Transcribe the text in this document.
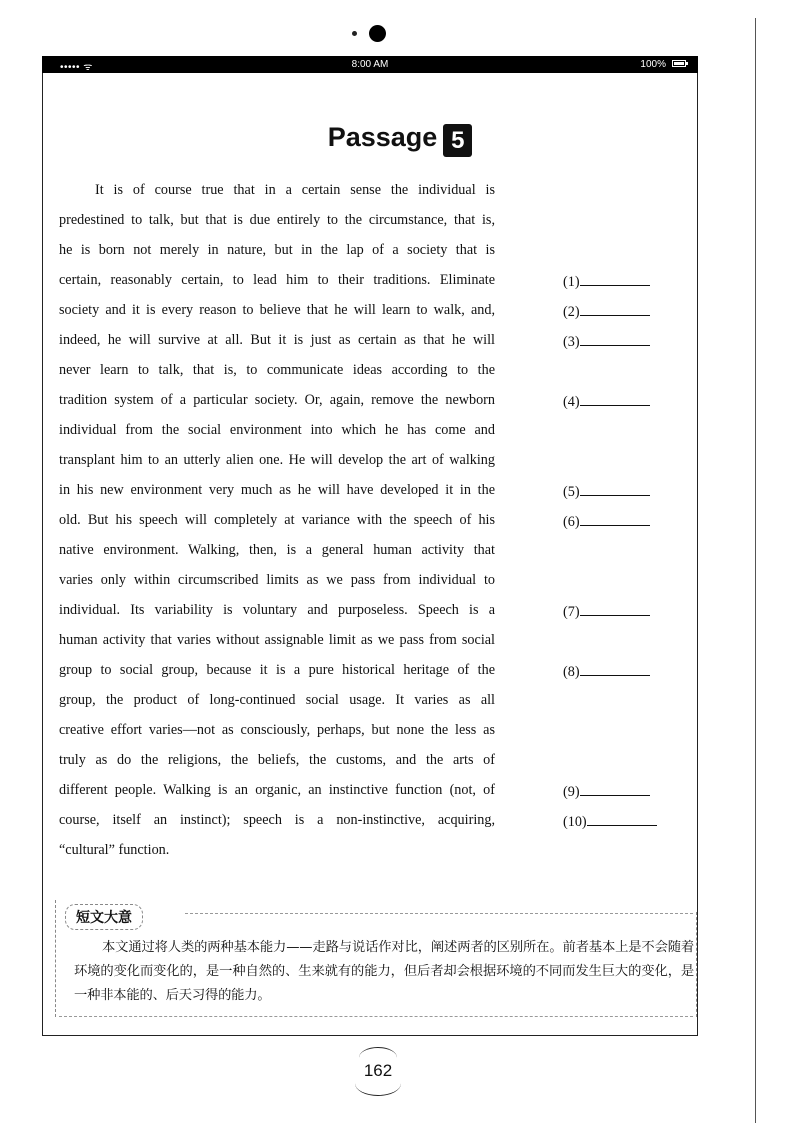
••••• ᯤ	8:00 AM	100%
Passage 5
It is of course true that in a certain sense the individual is
predestined to talk, but that is due entirely to the circumstance, that is,
he is born not merely in nature, but in the lap of a society that is
certain, reasonably certain, to lead him to their traditions. Eliminate
society and it is every reason to believe that he will learn to walk, and,
indeed, he will survive at all. But it is just as certain as that he will
never learn to talk, that is, to communicate ideas according to the
tradition system of a particular society. Or, again, remove the newborn
individual from the social environment into which he has come and
transplant him to an utterly alien one. He will develop the art of walking
in his new environment very much as he will have developed it in the
old. But his speech will completely at variance with the speech of his
native environment. Walking, then, is a general human activity that
varies only within circumscribed limits as we pass from individual to
individual. Its variability is voluntary and purposeless. Speech is a
human activity that varies without assignable limit as we pass from social
group to social group, because it is a pure historical heritage of the
group, the product of long-continued social usage. It varies as all
creative effort varies—not as consciously, perhaps, but none the less as
truly as do the religions, the beliefs, the customs, and the arts of
different people. Walking is an organic, an instinctive function (not, of
course, itself an instinct); speech is a non-instinctive, acquiring,
“cultural” function.
(1)
(2)
(3)
(4)
(5)
(6)
(7)
(8)
(9)
(10)
短文大意
本文通过将人类的两种基本能力——走路与说话作对比，阐述两者的区别所在。前者基本上是不会随着环境的变化而变化的，是一种自然的、生来就有的能力，但后者却会根据环境的不同而发生巨大的变化，是一种非本能的、后天习得的能力。
162
